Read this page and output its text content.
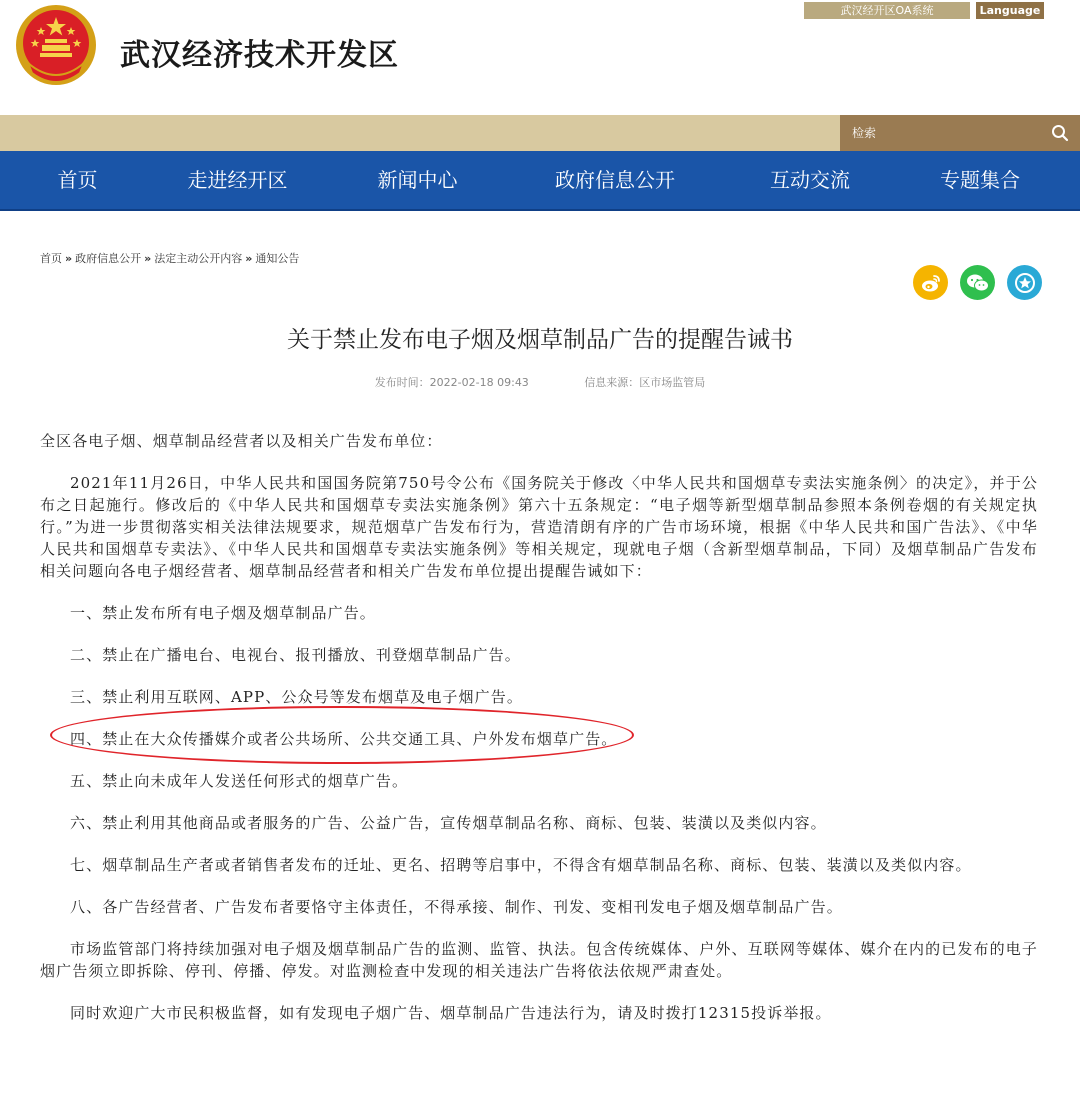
武汉经济技术开发区
武汉经开区OA系统	Language ▾
检索
首页	走进经开区	新闻中心	政府信息公开	互动交流	专题集合
首页 » 政府信息公开 » 法定主动公开内容 » 通知公告
关于禁止发布电子烟及烟草制品广告的提醒告诫书
发布时间：2022-02-18 09:43	信息来源：区市场监管局

全区各电子烟、烟草制品经营者以及相关广告发布单位：

2021年11月26日，中华人民共和国国务院第750号令公布《国务院关于修改〈中华人民共和国烟草专卖法实施条例〉的决定》，并于公布之日起施行。修改后的《中华人民共和国烟草专卖法实施条例》第六十五条规定：“电子烟等新型烟草制品参照本条例卷烟的有关规定执行。”为进一步贯彻落实相关法律法规要求，规范烟草广告发布行为，营造清朗有序的广告市场环境，根据《中华人民共和国广告法》、《中华人民共和国烟草专卖法》、《中华人民共和国烟草专卖法实施条例》等相关规定，现就电子烟（含新型烟草制品，下同）及烟草制品广告发布相关问题向各电子烟经营者、烟草制品经营者和相关广告发布单位提出提醒告诫如下：

一、禁止发布所有电子烟及烟草制品广告。

二、禁止在广播电台、电视台、报刊播放、刊登烟草制品广告。

三、禁止利用互联网、APP、公众号等发布烟草及电子烟广告。

四、禁止在大众传播媒介或者公共场所、公共交通工具、户外发布烟草广告。

五、禁止向未成年人发送任何形式的烟草广告。

六、禁止利用其他商品或者服务的广告、公益广告，宣传烟草制品名称、商标、包装、装潢以及类似内容。

七、烟草制品生产者或者销售者发布的迁址、更名、招聘等启事中，不得含有烟草制品名称、商标、包装、装潢以及类似内容。

八、各广告经营者、广告发布者要恪守主体责任，不得承接、制作、刊发、变相刊发电子烟及烟草制品广告。

市场监管部门将持续加强对电子烟及烟草制品广告的监测、监管、执法。包含传统媒体、户外、互联网等媒体、媒介在内的已发布的电子烟广告须立即拆除、停刊、停播、停发。对监测检查中发现的相关违法广告将依法依规严肃查处。

同时欢迎广大市民积极监督，如有发现电子烟广告、烟草制品广告违法行为，请及时拨打12315投诉举报。
